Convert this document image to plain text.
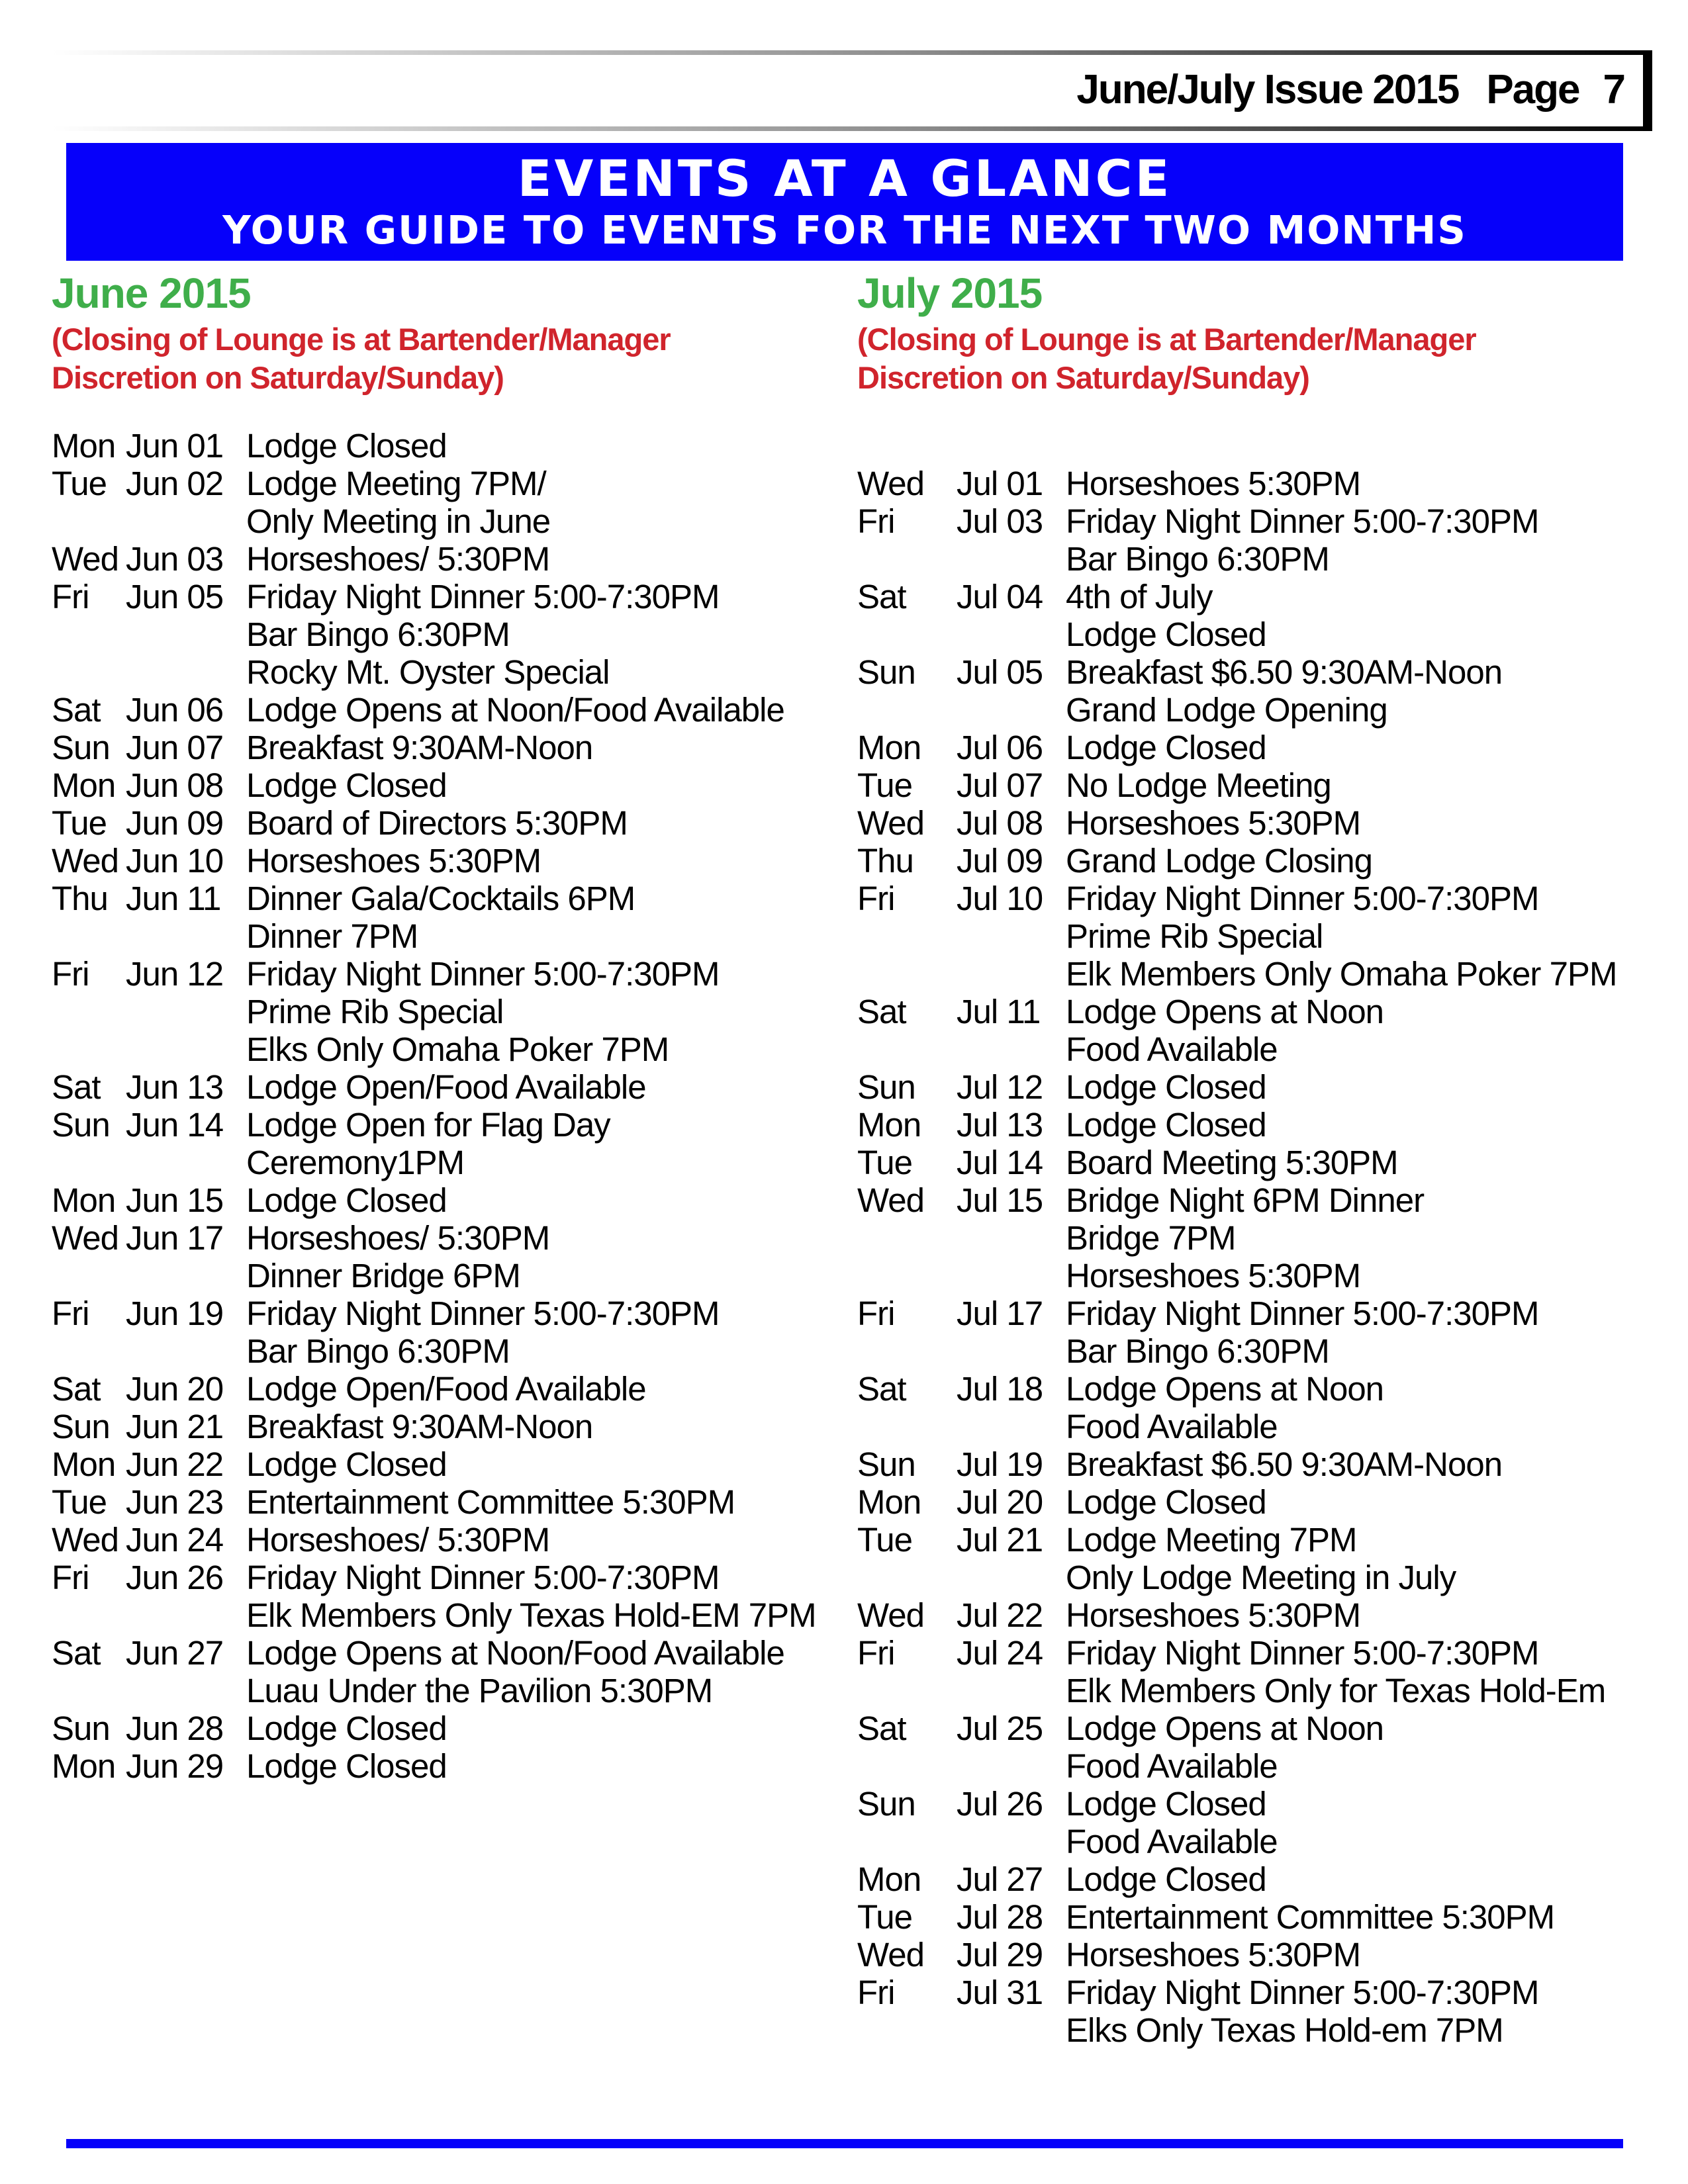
June/July Issue 2015 Page 7
EVENTS AT A GLANCE
YOUR GUIDE TO EVENTS FOR THE NEXT TWO MONTHS
June 2015	July 2015
(Closing of Lounge is at Bartender/Manager
Discretion on Saturday/Sunday)
(Closing of Lounge is at Bartender/Manager
Discretion on Saturday/Sunday)
Mon Jun 01 Lodge Closed
Tue Jun 02 Lodge Meeting 7PM/
Only Meeting in June
Wed Jun 03 Horseshoes/ 5:30PM
Fri	Jun 05 Friday Night Dinner 5:00-7:30PM
Bar Bingo 6:30PM
Rocky Mt. Oyster Special
Sat Jun 06 Lodge Opens at Noon/Food Available
Sun Jun 07 Breakfast 9:30AM-Noon
Mon Jun 08 Lodge Closed
Tue Jun 09 Board of Directors 5:30PM
Wed Jun 10 Horseshoes 5:30PM
Thu Jun 11 Dinner Gala/Cocktails 6PM
Dinner 7PM
Fri	Jun 12 Friday Night Dinner 5:00-7:30PM
Prime Rib Special
Elks Only Omaha Poker 7PM
Sat Jun 13 Lodge Open/Food Available
Sun Jun 14 Lodge Open for Flag Day
Ceremony1PM
Mon Jun 15 Lodge Closed
Wed Jun 17 Horseshoes/ 5:30PM
Dinner Bridge 6PM
Fri	Jun 19 Friday Night Dinner 5:00-7:30PM
Bar Bingo 6:30PM
Sat Jun 20 Lodge Open/Food Available
Sun Jun 21 Breakfast 9:30AM-Noon
Mon Jun 22 Lodge Closed
Tue Jun 23 Entertainment Committee 5:30PM
Wed Jun 24 Horseshoes/ 5:30PM
Fri	Jun 26 Friday Night Dinner 5:00-7:30PM
Elk Members Only Texas Hold-EM 7PM
Sat Jun 27 Lodge Opens at Noon/Food Available
Luau Under the Pavilion 5:30PM
Sun Jun 28 Lodge Closed
Mon Jun 29 Lodge Closed
Wed Jul 01 Horseshoes 5:30PM
Fri	Jul 03 Friday Night Dinner 5:00-7:30PM
Bar Bingo 6:30PM
Sat	Jul 04 4th of July
Lodge Closed
Sun	Jul 05 Breakfast $6.50 9:30AM-Noon
Grand Lodge Opening
Mon	Jul 06 Lodge Closed
Tue	Jul 07 No Lodge Meeting
Wed Jul 08 Horseshoes 5:30PM
Thu	Jul 09 Grand Lodge Closing
Fri	Jul 10 Friday Night Dinner 5:00-7:30PM
Prime Rib Special
Elk Members Only Omaha Poker 7PM
Sat	Jul 11 Lodge Opens at Noon
Food Available
Sun	Jul 12 Lodge Closed
Mon	Jul 13 Lodge Closed
Tue	Jul 14 Board Meeting 5:30PM
Wed Jul 15 Bridge Night 6PM Dinner
Bridge 7PM
Horseshoes 5:30PM
Fri	Jul 17 Friday Night Dinner 5:00-7:30PM
Bar Bingo 6:30PM
Sat	Jul 18 Lodge Opens at Noon
Food Available
Sun	Jul 19 Breakfast $6.50 9:30AM-Noon
Mon	Jul 20 Lodge Closed
Tue	Jul 21 Lodge Meeting 7PM
Only Lodge Meeting in July
Wed Jul 22 Horseshoes 5:30PM
Fri	Jul 24 Friday Night Dinner 5:00-7:30PM
Elk Members Only for Texas Hold-Em
Sat	Jul 25 Lodge Opens at Noon
Food Available
Sun	Jul 26 Lodge Closed
Food Available
Mon	Jul 27 Lodge Closed
Tue	Jul 28 Entertainment Committee 5:30PM
Wed Jul 29 Horseshoes 5:30PM
Fri	Jul 31 Friday Night Dinner 5:00-7:30PM
Elks Only Texas Hold-em 7PM
